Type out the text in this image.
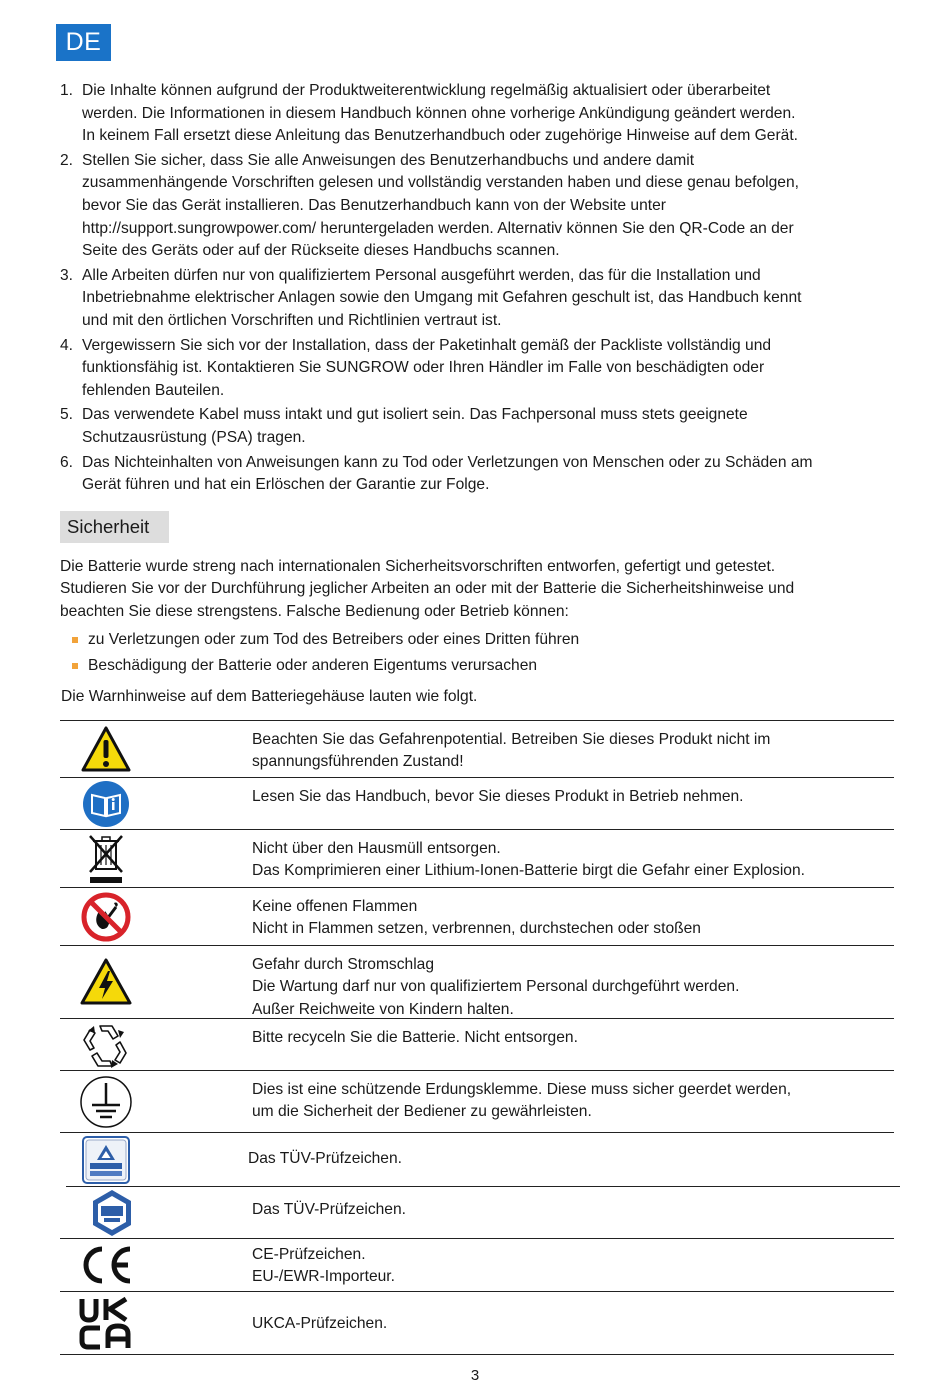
DE
1. Die Inhalte können aufgrund der Produktweiterentwicklung regelmäßig aktualisiert oder überarbeitet
werden. Die Informationen in diesem Handbuch können ohne vorherige Ankündigung geändert werden.
In keinem Fall ersetzt diese Anleitung das Benutzerhandbuch oder zugehörige Hinweise auf dem Gerät.
2. Stellen Sie sicher, dass Sie alle Anweisungen des Benutzerhandbuchs und andere damit
zusammenhängende Vorschriften gelesen und vollständig verstanden haben und diese genau befolgen,
bevor Sie das Gerät installieren. Das Benutzerhandbuch kann von der Website unter
http://support.sungrowpower.com/ heruntergeladen werden. Alternativ können Sie den QR-Code an der
Seite des Geräts oder auf der Rückseite dieses Handbuchs scannen.
3. Alle Arbeiten dürfen nur von qualifiziertem Personal ausgeführt werden, das für die Installation und
Inbetriebnahme elektrischer Anlagen sowie den Umgang mit Gefahren geschult ist, das Handbuch kennt
und mit den örtlichen Vorschriften und Richtlinien vertraut ist.
4. Vergewissern Sie sich vor der Installation, dass der Paketinhalt gemäß der Packliste vollständig und
funktionsfähig ist. Kontaktieren Sie SUNGROW oder Ihren Händler im Falle von beschädigten oder
fehlenden Bauteilen.
5. Das verwendete Kabel muss intakt und gut isoliert sein. Das Fachpersonal muss stets geeignete
Schutzausrüstung (PSA) tragen.
6. Das Nichteinhalten von Anweisungen kann zu Tod oder Verletzungen von Menschen oder zu Schäden am
Gerät führen und hat ein Erlöschen der Garantie zur Folge.
Sicherheit
Die Batterie wurde streng nach internationalen Sicherheitsvorschriften entworfen, gefertigt und getestet.
Studieren Sie vor der Durchführung jeglicher Arbeiten an oder mit der Batterie die Sicherheitshinweise und
beachten Sie diese strengstens. Falsche Bedienung oder Betrieb können:
zu Verletzungen oder zum Tod des Betreibers oder eines Dritten führen
Beschädigung der Batterie oder anderen Eigentums verursachen
Die Warnhinweise auf dem Batteriegehäuse lauten wie folgt.
Beachten Sie das Gefahrenpotential. Betreiben Sie dieses Produkt nicht im
spannungsführenden Zustand!
Lesen Sie das Handbuch, bevor Sie dieses Produkt in Betrieb nehmen.
Nicht über den Hausmüll entsorgen.
Das Komprimieren einer Lithium-Ionen-Batterie birgt die Gefahr einer Explosion.
Keine offenen Flammen
Nicht in Flammen setzen, verbrennen, durchstechen oder stoßen
Gefahr durch Stromschlag
Die Wartung darf nur von qualifiziertem Personal durchgeführt werden.
Außer Reichweite von Kindern halten.
Bitte recyceln Sie die Batterie. Nicht entsorgen.
Dies ist eine schützende Erdungsklemme. Diese muss sicher geerdet werden,
um die Sicherheit der Bediener zu gewährleisten.
Das TÜV-Prüfzeichen.
Das TÜV-Prüfzeichen.
CE-Prüfzeichen.
EU-/EWR-Importeur.
UKCA-Prüfzeichen.
3
